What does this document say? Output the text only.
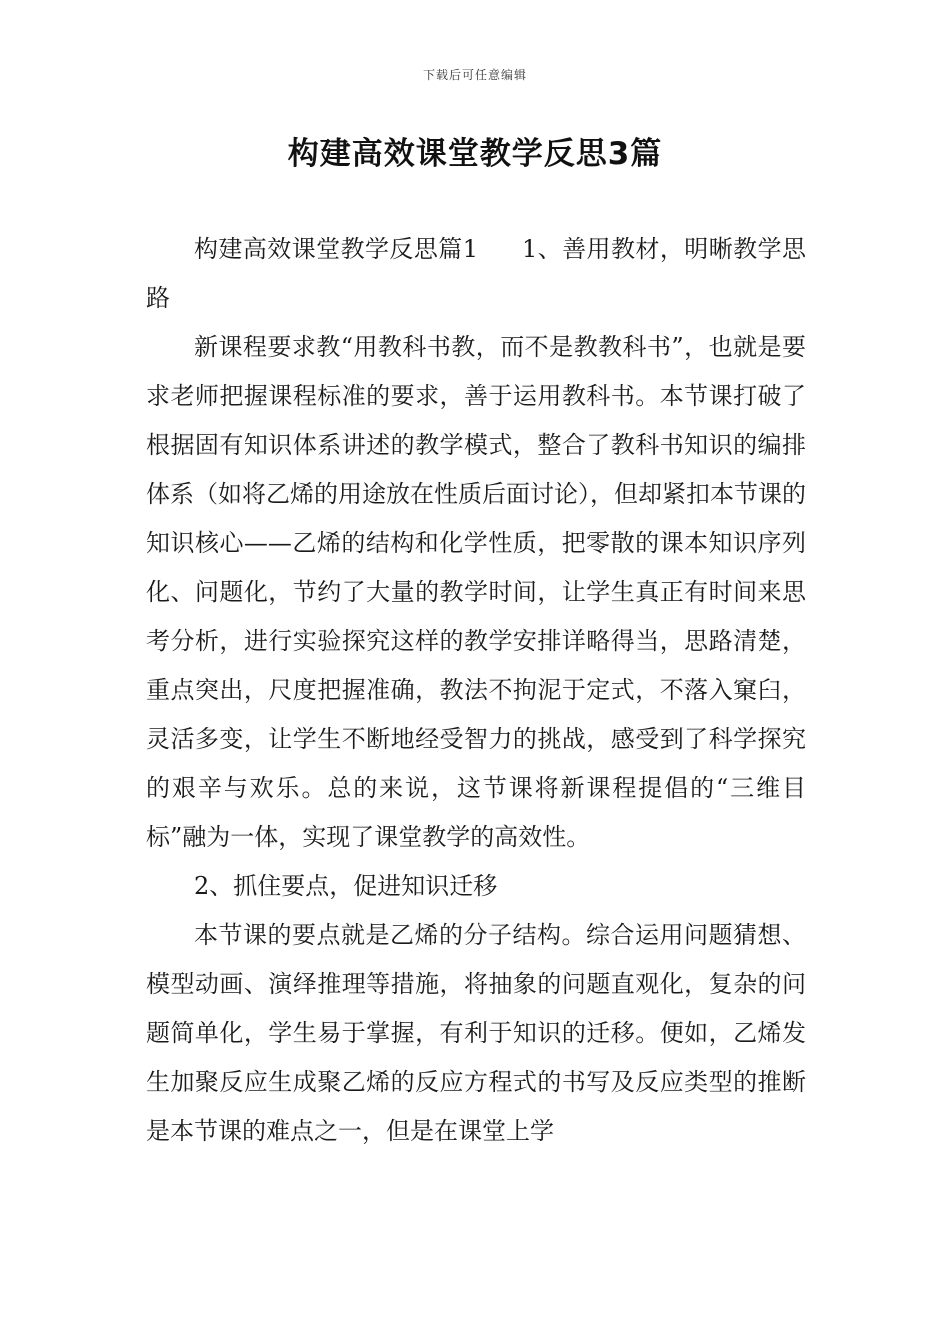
下载后可任意编辑
构建高效课堂教学反思3篇

构建高效课堂教学反思篇1 1、善用教材，明晰教学思路

新课程要求教“用教科书教，而不是教教科书”，也就是要求老师把握课程标准的要求，善于运用教科书。本节课打破了根据固有知识体系讲述的教学模式，整合了教科书知识的编排体系（如将乙烯的用途放在性质后面讨论），但却紧扣本节课的知识核心——乙烯的结构和化学性质，把零散的课本知识序列化、问题化，节约了大量的教学时间，让学生真正有时间来思考分析，进行实验探究这样的教学安排详略得当，思路清楚，重点突出，尺度把握准确，教法不拘泥于定式，不落入窠臼，灵活多变，让学生不断地经受智力的挑战，感受到了科学探究的艰辛与欢乐。总的来说，这节课将新课程提倡的“三维目标”融为一体，实现了课堂教学的高效性。

2、抓住要点，促进知识迁移

本节课的要点就是乙烯的分子结构。综合运用问题猜想、模型动画、演绎推理等措施，将抽象的问题直观化，复杂的问题简单化，学生易于掌握，有利于知识的迁移。便如，乙烯发生加聚反应生成聚乙烯的反应方程式的书写及反应类型的推断是本节课的难点之一，但是在课堂上学
